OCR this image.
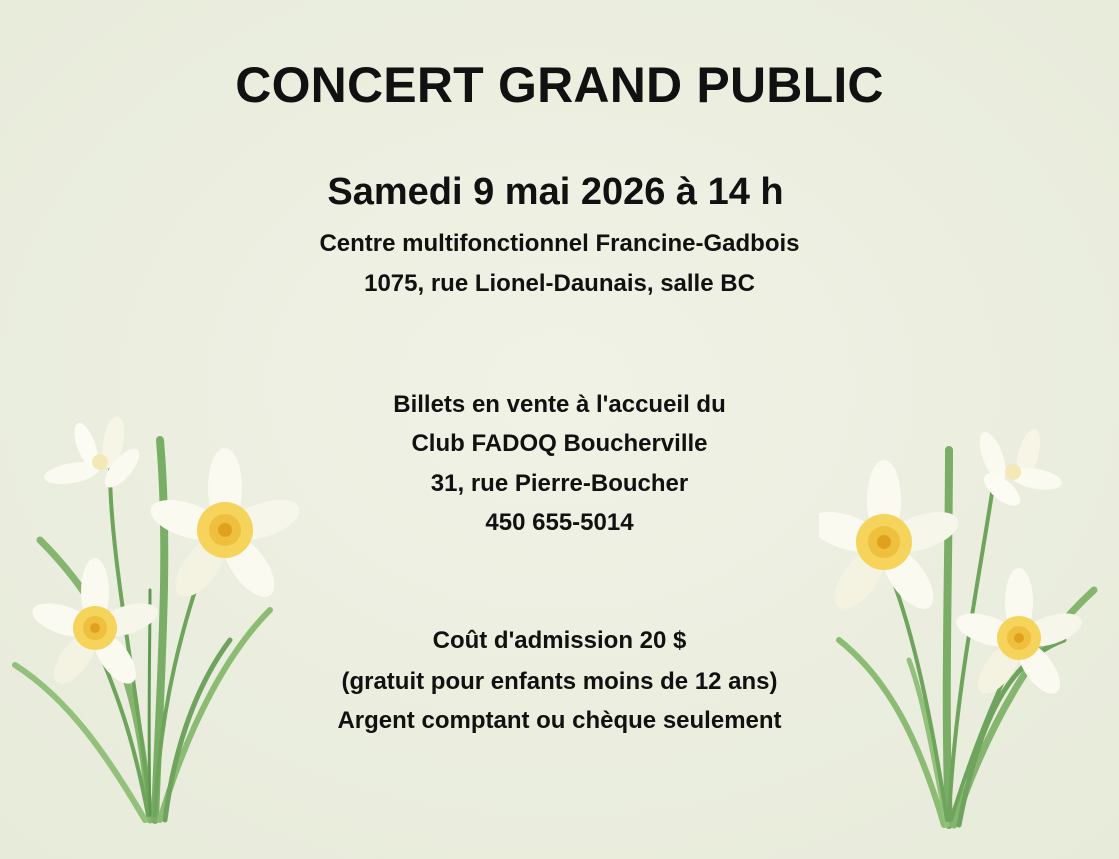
CONCERT GRAND PUBLIC
Samedi 9 mai 2026 à 14 h
Centre multifonctionnel Francine-Gadbois
1075, rue Lionel-Daunais, salle BC
Billets en vente à l'accueil du
Club FADOQ Boucherville
31, rue Pierre-Boucher
450 655-5014
Coût d'admission 20 $
(gratuit pour enfants moins de 12 ans)
Argent comptant ou chèque seulement
